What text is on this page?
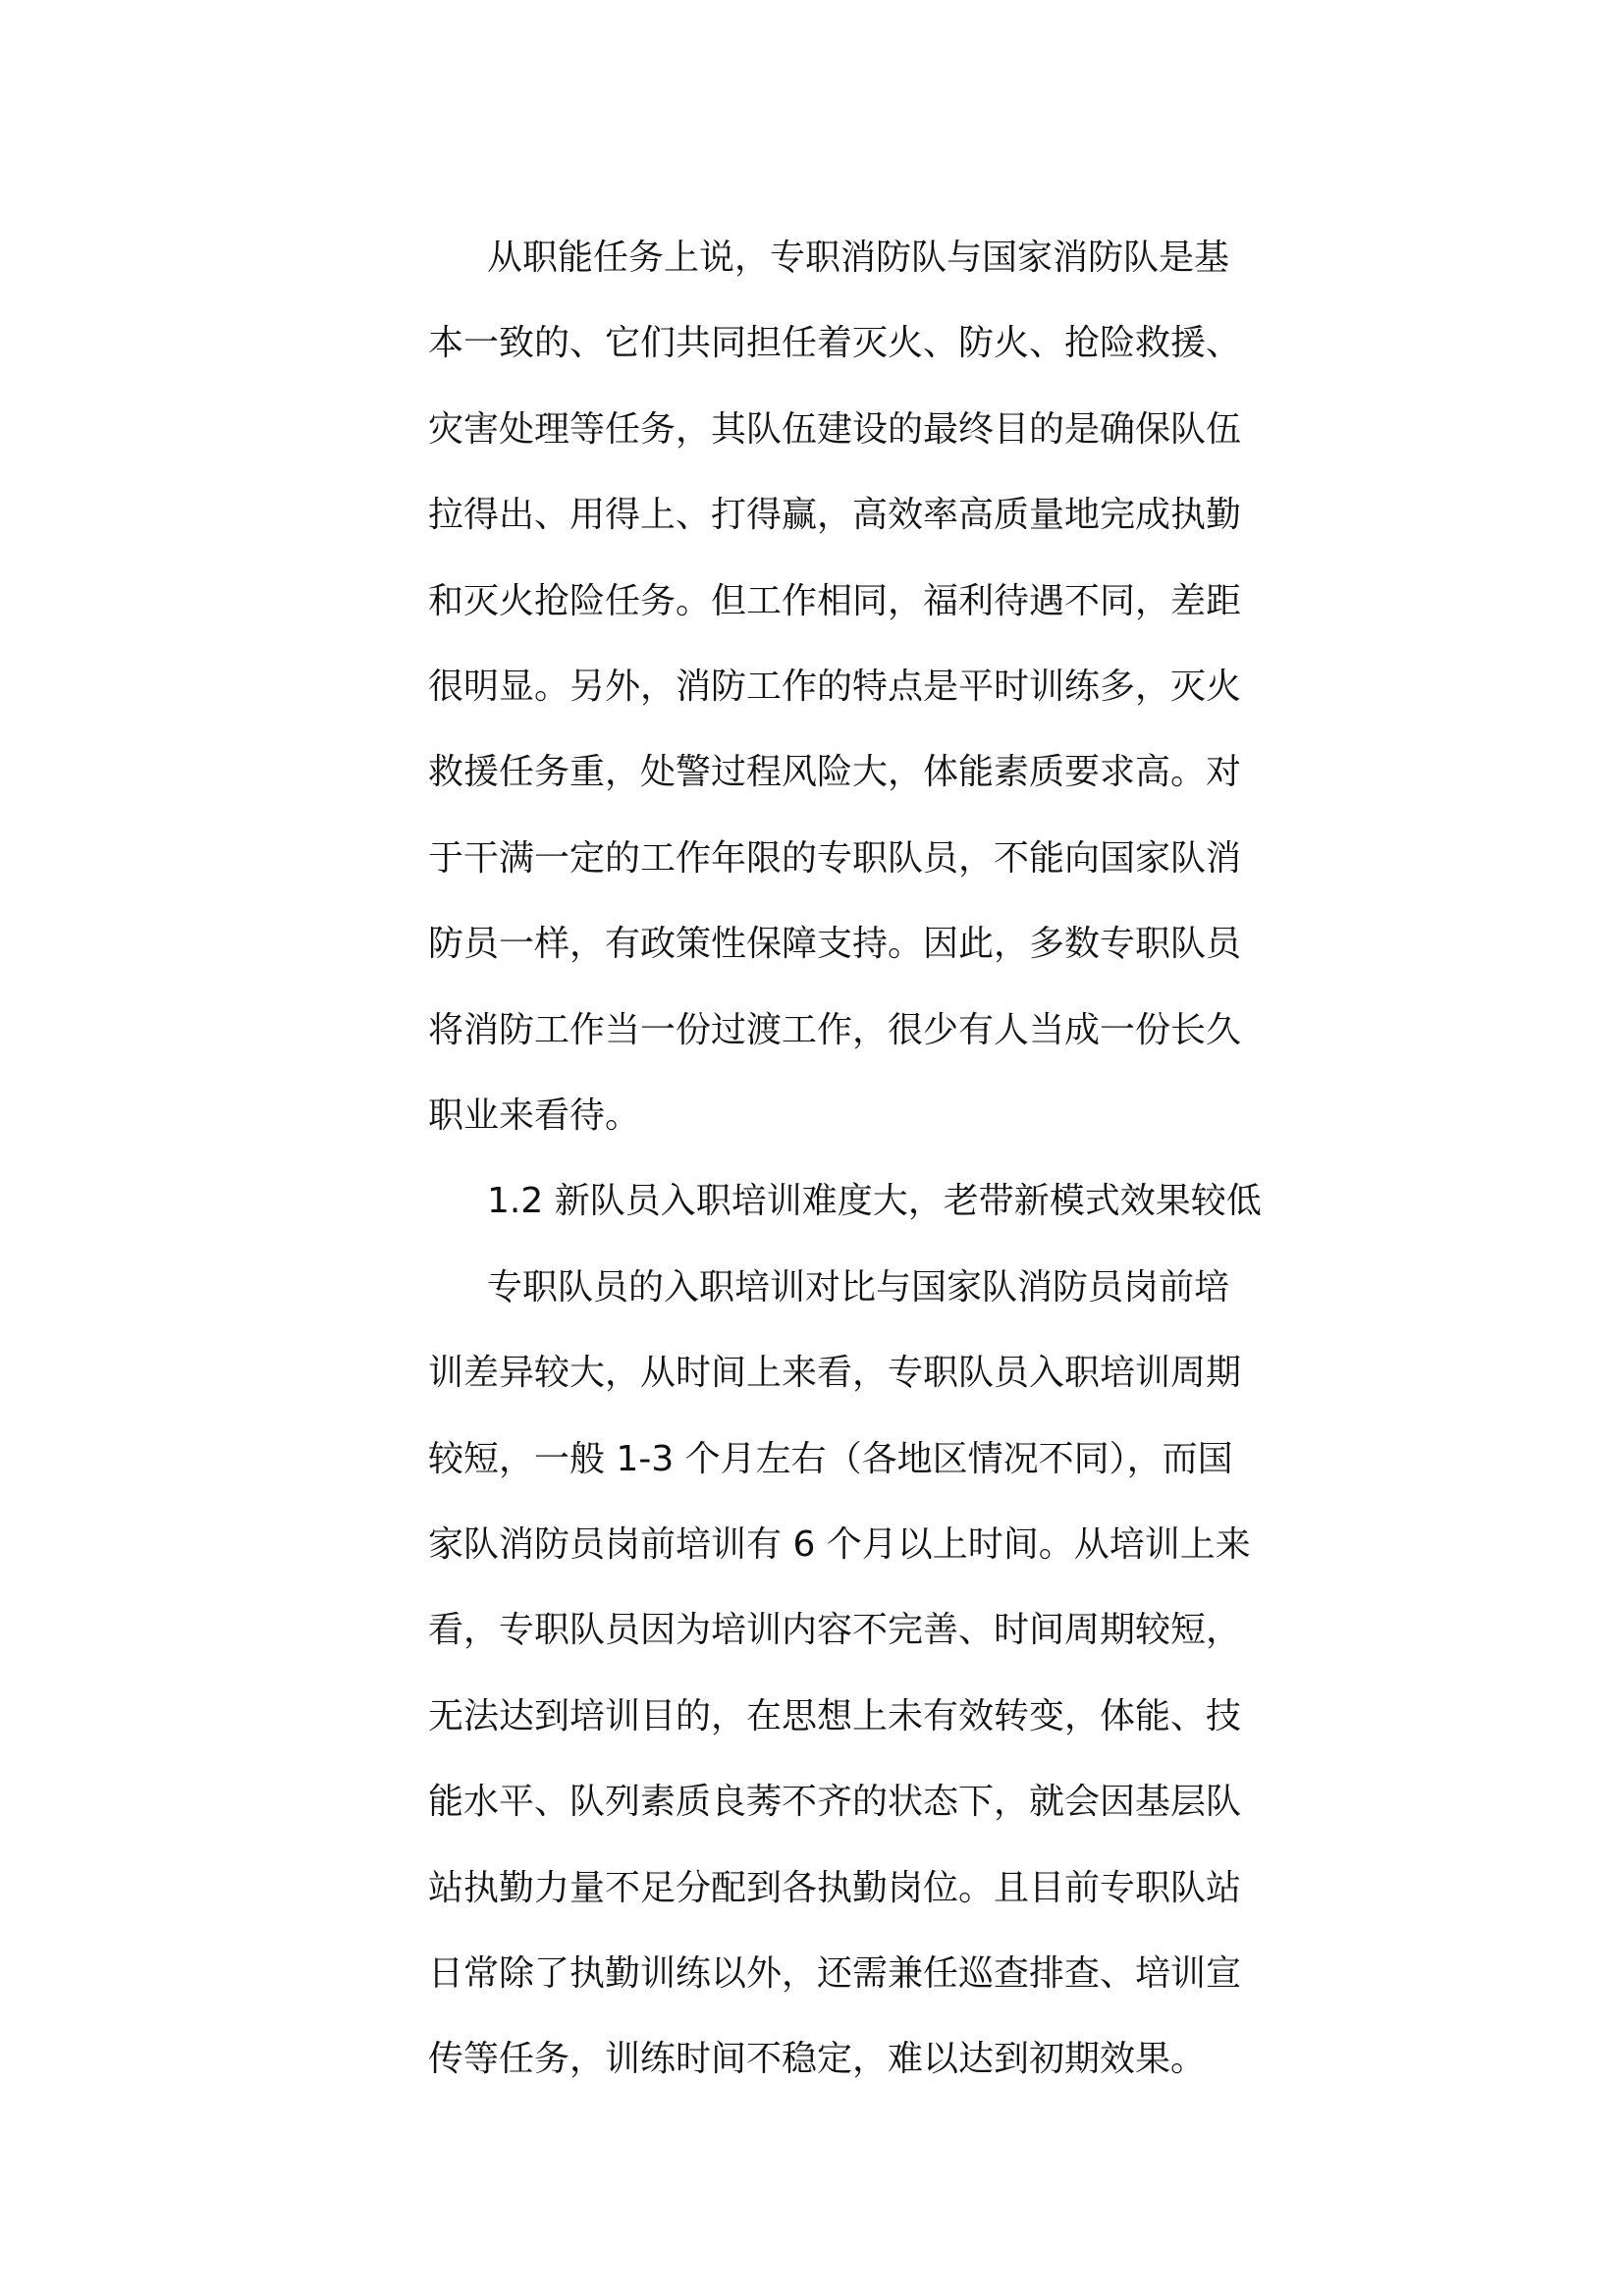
从职能任务上说，专职消防队与国家消防队是基
本一致的、它们共同担任着灭火、防火、抢险救援、
灾害处理等任务，其队伍建设的最终目的是确保队伍
拉得出、用得上、打得赢，高效率高质量地完成执勤
和灭火抢险任务。但工作相同，福利待遇不同，差距
很明显。另外，消防工作的特点是平时训练多，灭火
救援任务重，处警过程风险大，体能素质要求高。对
于干满一定的工作年限的专职队员，不能向国家队消
防员一样，有政策性保障支持。因此，多数专职队员
将消防工作当一份过渡工作，很少有人当成一份长久
职业来看待。
1.2 新队员入职培训难度大，老带新模式效果较低
专职队员的入职培训对比与国家队消防员岗前培
训差异较大，从时间上来看，专职队员入职培训周期
较短，一般 1-3 个月左右（各地区情况不同），而国
家队消防员岗前培训有 6 个月以上时间。从培训上来
看，专职队员因为培训内容不完善、时间周期较短，
无法达到培训目的，在思想上未有效转变，体能、技
能水平、队列素质良莠不齐的状态下，就会因基层队
站执勤力量不足分配到各执勤岗位。且目前专职队站
日常除了执勤训练以外，还需兼任巡查排查、培训宣
传等任务，训练时间不稳定，难以达到初期效果。
